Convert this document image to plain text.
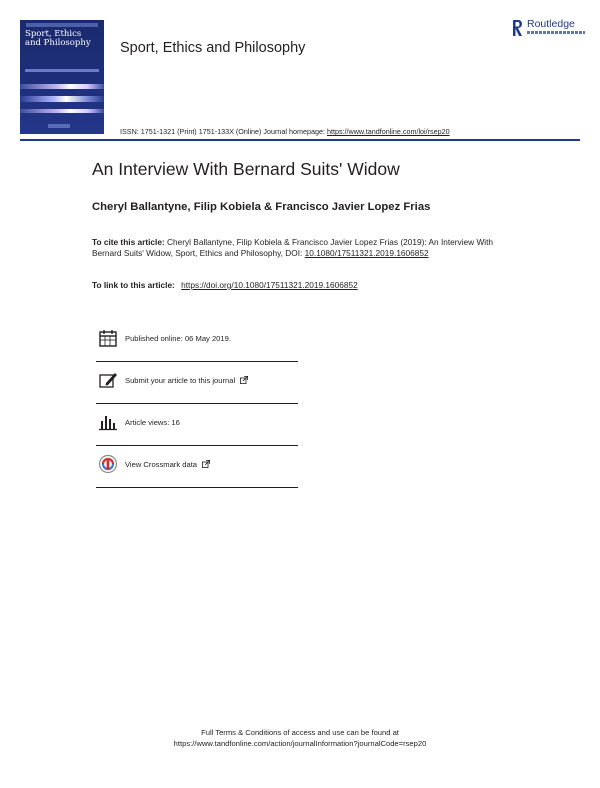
Sport, Ethics
and Philosophy	Sport, Ethics and Philosophy
Routledge
ISSN: 1751-1321 (Print) 1751-133X (Online) Journal homepage: https://www.tandfonline.com/loi/rsep20
An Interview With Bernard Suits' Widow
Cheryl Ballantyne, Filip Kobiela & Francisco Javier Lopez Frias
To cite this article: Cheryl Ballantyne, Filip Kobiela & Francisco Javier Lopez Frias (2019): An Interview With Bernard Suits' Widow, Sport, Ethics and Philosophy, DOI: 10.1080/17511321.2019.1606852
To link to this article: https://doi.org/10.1080/17511321.2019.1606852
Published online: 06 May 2019.
Submit your article to this journal
Article views: 16
View Crossmark data
Full Terms & Conditions of access and use can be found at
https://www.tandfonline.com/action/journalInformation?journalCode=rsep20
